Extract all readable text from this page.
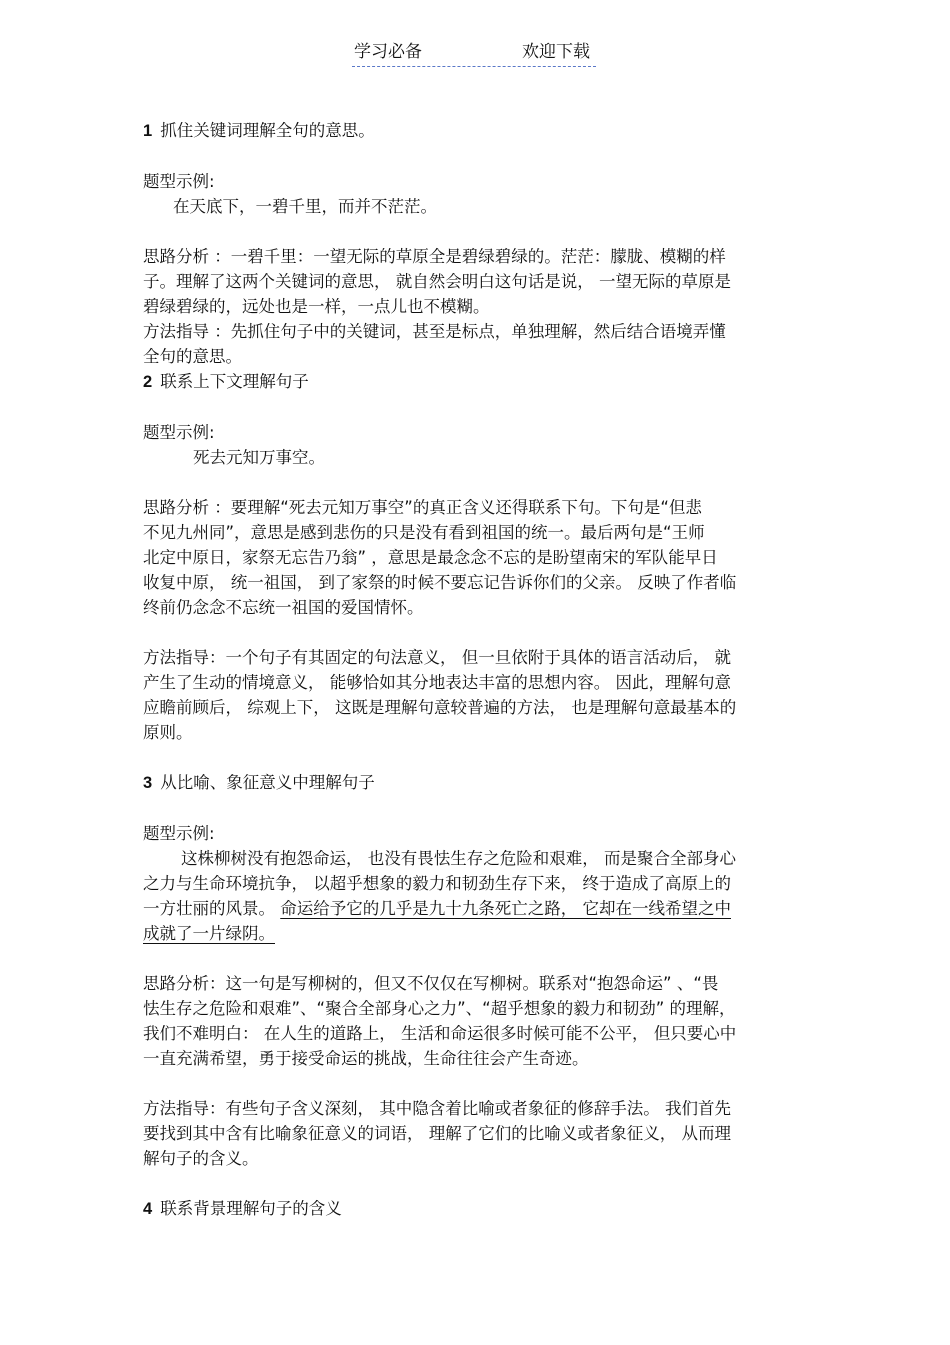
学习必备	欢迎下载

1 抓住关键词理解全句的意思。

题型示例:

在天底下，一碧千里，而并不茫茫。

思路分析 ：一碧千里：一望无际的草原全是碧绿碧绿的。茫茫：朦胧、模糊的样

子。理解了这两个关键词的意思， 就自然会明白这句话是说， 一望无际的草原是

碧绿碧绿的，远处也是一样，一点儿也不模糊。

方法指导 ：先抓住句子中的关键词，甚至是标点，单独理解，然后结合语境弄懂

全句的意思。

2 联系上下文理解句子

题型示例:

死去元知万事空。

思路分析 ：要理解“死去元知万事空”的真正含义还得联系下句。下句是“但悲

不见九州同”，意思是感到悲伤的只是没有看到祖国的统一。最后两句是“王师

北定中原日，家祭无忘告乃翁” ，意思是最念念不忘的是盼望南宋的军队能早日

收复中原， 统一祖国， 到了家祭的时候不要忘记告诉你们的父亲。 反映了作者临

终前仍念念不忘统一祖国的爱国情怀。

方法指导：一个句子有其固定的句法意义， 但一旦依附于具体的语言活动后， 就

产生了生动的情境意义， 能够恰如其分地表达丰富的思想内容。 因此，理解句意

应瞻前顾后， 综观上下， 这既是理解句意较普遍的方法， 也是理解句意最基本的

原则。

3 从比喻、象征意义中理解句子

题型示例:

这株柳树没有抱怨命运， 也没有畏怯生存之危险和艰难， 而是聚合全部身心

之力与生命环境抗争， 以超乎想象的毅力和韧劲生存下来， 终于造成了高原上的

一方壮丽的风景。 命运给予它的几乎是九十九条死亡之路， 它却在一线希望之中

成就了一片绿阴。

思路分析：这一句是写柳树的，但又不仅仅在写柳树。联系对“抱怨命运” 、“畏

怯生存之危险和艰难”、“聚合全部身心之力”、“超乎想象的毅力和韧劲” 的理解，

我们不难明白： 在人生的道路上， 生活和命运很多时候可能不公平， 但只要心中

一直充满希望，勇于接受命运的挑战，生命往往会产生奇迹。

方法指导：有些句子含义深刻， 其中隐含着比喻或者象征的修辞手法。 我们首先

要找到其中含有比喻象征意义的词语， 理解了它们的比喻义或者象征义， 从而理

解句子的含义。

4 联系背景理解句子的含义
